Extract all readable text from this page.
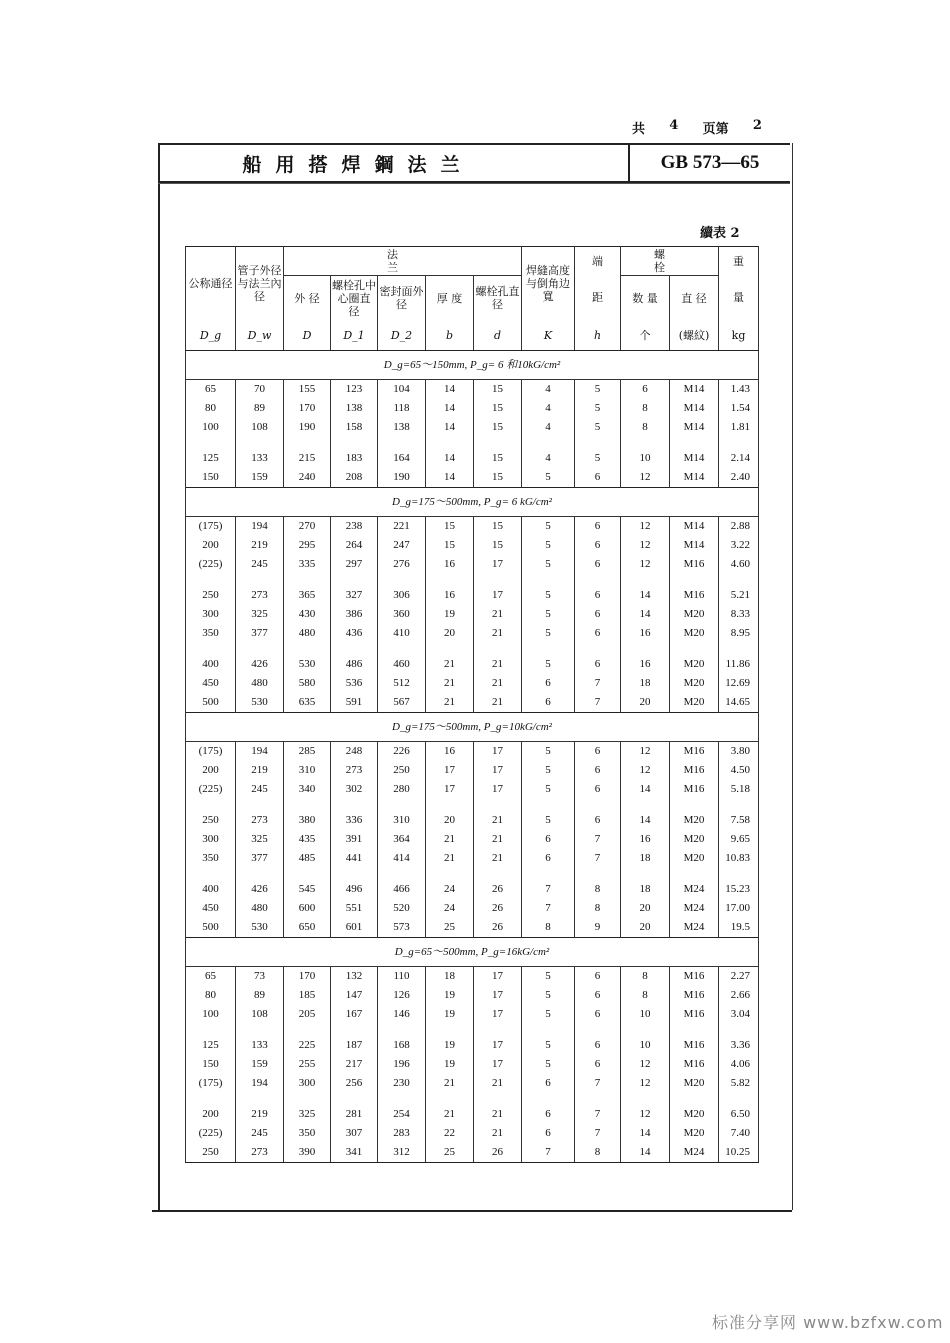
共 4 页第 2
船用搭焊鋼法兰	GB 573—65
續表 2
公称通径	管子外径与法兰內径	法 兰					焊縫高度与倒角边寬	端	螺 栓		重
		外 径	螺栓孔中心圈直 径	密封面外 径	厚 度	螺栓孔直 径		距	数 量	直 径	量
D_g	D_w	D	D_1	D_2	b	d	K	h	个	(螺紋)	kg
D_g=65～150mm, P_g= 6 和10kG/cm²											
65	70	155	123	104	14	15	4	5	6	M14	1.43
80	89	170	138	118	14	15	4	5	8	M14	1.54
100	108	190	158	138	14	15	4	5	8	M14	1.81

125	133	215	183	164	14	15	4	5	10	M14	2.14
150	159	240	208	190	14	15	5	6	12	M14	2.40
D_g=175～500mm, P_g= 6 kG/cm²											
(175)	194	270	238	221	15	15	5	6	12	M14	2.88
200	219	295	264	247	15	15	5	6	12	M14	3.22
(225)	245	335	297	276	16	17	5	6	12	M16	4.60

250	273	365	327	306	16	17	5	6	14	M16	5.21
300	325	430	386	360	19	21	5	6	14	M20	8.33
350	377	480	436	410	20	21	5	6	16	M20	8.95

400	426	530	486	460	21	21	5	6	16	M20	11.86
450	480	580	536	512	21	21	6	7	18	M20	12.69
500	530	635	591	567	21	21	6	7	20	M20	14.65
D_g=175～500mm, P_g=10kG/cm²											
(175)	194	285	248	226	16	17	5	6	12	M16	3.80
200	219	310	273	250	17	17	5	6	12	M16	4.50
(225)	245	340	302	280	17	17	5	6	14	M16	5.18

250	273	380	336	310	20	21	5	6	14	M20	7.58
300	325	435	391	364	21	21	6	7	16	M20	9.65
350	377	485	441	414	21	21	6	7	18	M20	10.83

400	426	545	496	466	24	26	7	8	18	M24	15.23
450	480	600	551	520	24	26	7	8	20	M24	17.00
500	530	650	601	573	25	26	8	9	20	M24	19.5
D_g=65～500mm, P_g=16kG/cm²											
65	73	170	132	110	18	17	5	6	8	M16	2.27
80	89	185	147	126	19	17	5	6	8	M16	2.66
100	108	205	167	146	19	17	5	6	10	M16	3.04

125	133	225	187	168	19	17	5	6	10	M16	3.36
150	159	255	217	196	19	17	5	6	12	M16	4.06
(175)	194	300	256	230	21	21	6	7	12	M20	5.82

200	219	325	281	254	21	21	6	7	12	M20	6.50
(225)	245	350	307	283	22	21	6	7	14	M20	7.40
250	273	390	341	312	25	26	7	8	14	M24	10.25
标准分享网 www.bzfxw.com
